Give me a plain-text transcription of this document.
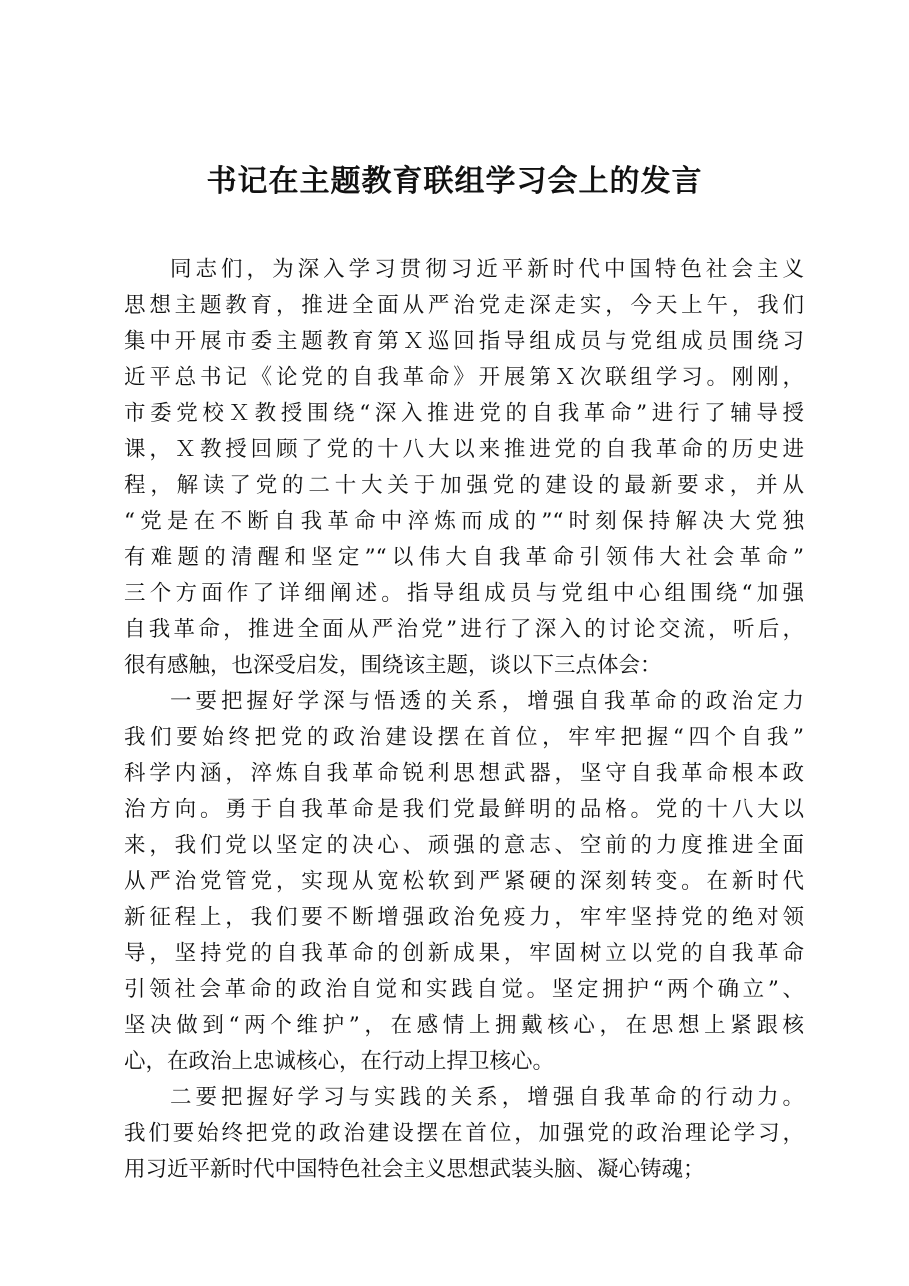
书记在主题教育联组学习会上的发言
同志们，为深入学习贯彻习近平新时代中国特色社会主义
思想主题教育，推进全面从严治党走深走实，今天上午，我们
集中开展市委主题教育第Ｘ巡回指导组成员与党组成员围绕习
近平总书记《论党的自我革命》开展第Ｘ次联组学习。刚刚，
市委党校Ｘ教授围绕“深入推进党的自我革命”进行了辅导授
课，Ｘ教授回顾了党的十八大以来推进党的自我革命的历史进
程，解读了党的二十大关于加强党的建设的最新要求，并从
“党是在不断自我革命中淬炼而成的”“时刻保持解决大党独
有难题的清醒和坚定”“以伟大自我革命引领伟大社会革命”
三个方面作了详细阐述。指导组成员与党组中心组围绕“加强
自我革命，推进全面从严治党”进行了深入的讨论交流，听后，
很有感触，也深受启发，围绕该主题，谈以下三点体会：
一要把握好学深与悟透的关系，增强自我革命的政治定力
我们要始终把党的政治建设摆在首位，牢牢把握“四个自我”
科学内涵，淬炼自我革命锐利思想武器，坚守自我革命根本政
治方向。勇于自我革命是我们党最鲜明的品格。党的十八大以
来，我们党以坚定的决心、顽强的意志、空前的力度推进全面
从严治党管党，实现从宽松软到严紧硬的深刻转变。在新时代
新征程上，我们要不断增强政治免疫力，牢牢坚持党的绝对领
导，坚持党的自我革命的创新成果，牢固树立以党的自我革命
引领社会革命的政治自觉和实践自觉。坚定拥护“两个确立”、
坚决做到“两个维护”，在感情上拥戴核心，在思想上紧跟核
心，在政治上忠诚核心，在行动上捍卫核心。
二要把握好学习与实践的关系，增强自我革命的行动力。
我们要始终把党的政治建设摆在首位，加强党的政治理论学习，
用习近平新时代中国特色社会主义思想武装头脑、凝心铸魂；
